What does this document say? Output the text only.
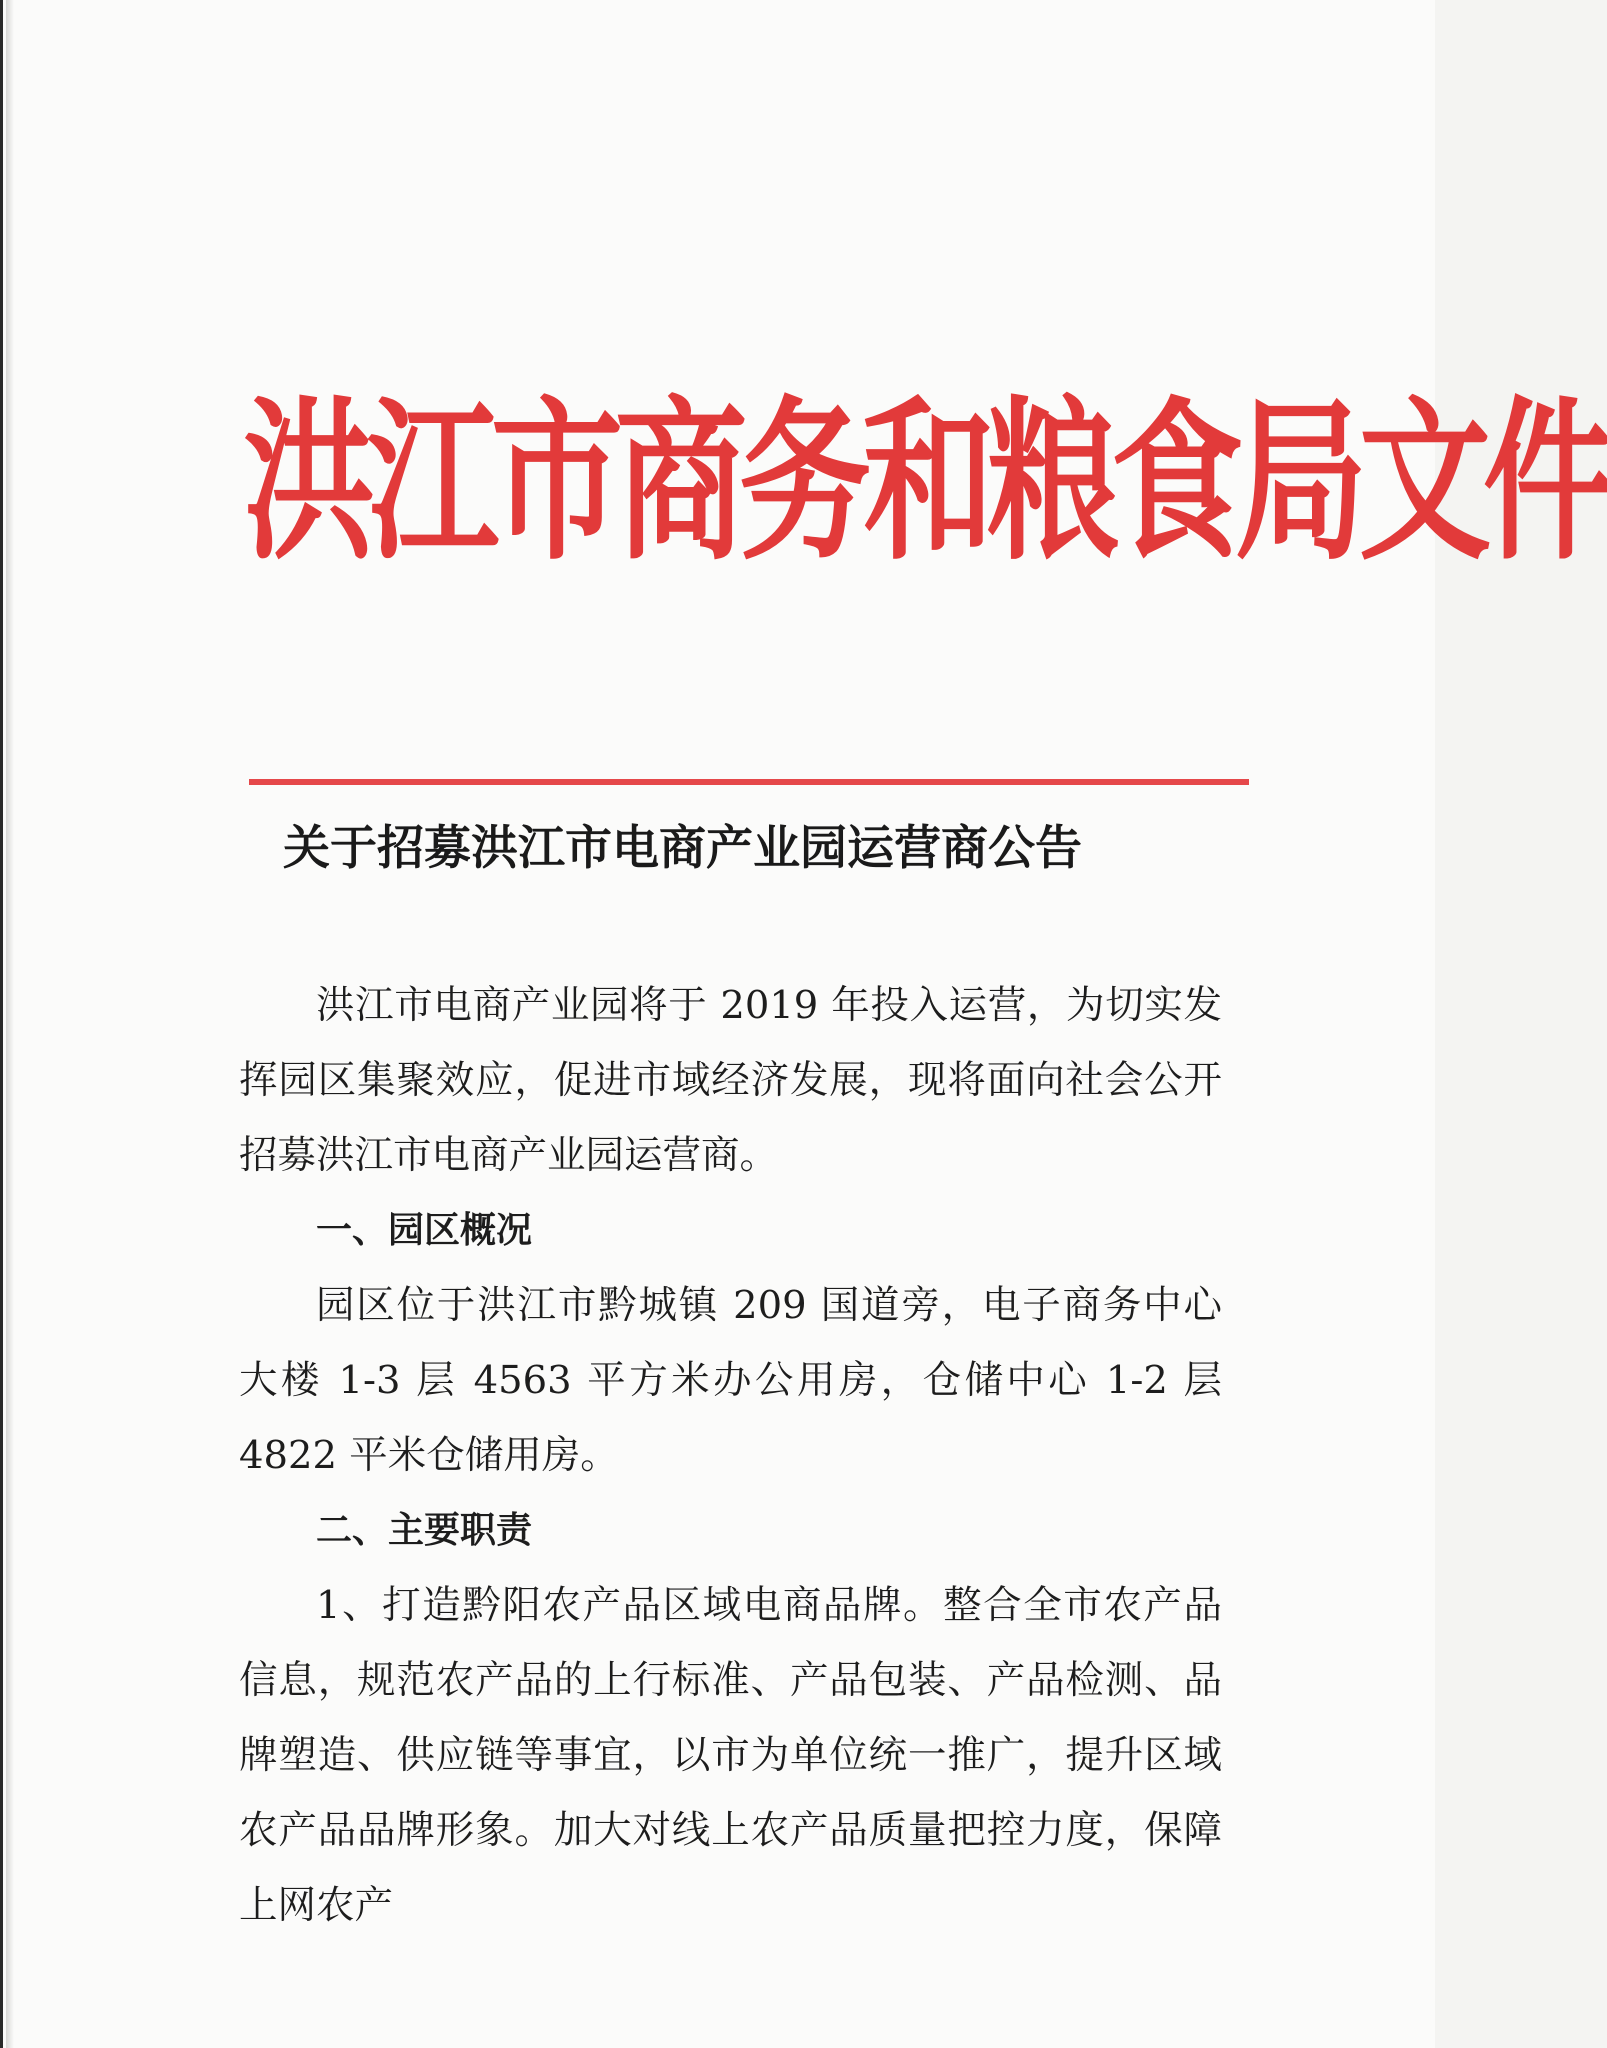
洪江市商务和粮食局文件
关于招募洪江市电商产业园运营商公告

洪江市电商产业园将于 2019 年投入运营，为切实发挥园区集聚效应，促进市域经济发展，现将面向社会公开招募洪江市电商产业园运营商。

一、园区概况

园区位于洪江市黔城镇 209 国道旁，电子商务中心大楼 1-3 层 4563 平方米办公用房，仓储中心 1-2 层 4822 平米仓储用房。

二、主要职责

1、打造黔阳农产品区域电商品牌。整合全市农产品信息，规范农产品的上行标准、产品包装、产品检测、品牌塑造、供应链等事宜，以市为单位统一推广，提升区域农产品品牌形象。加大对线上农产品质量把控力度，保障上网农产
